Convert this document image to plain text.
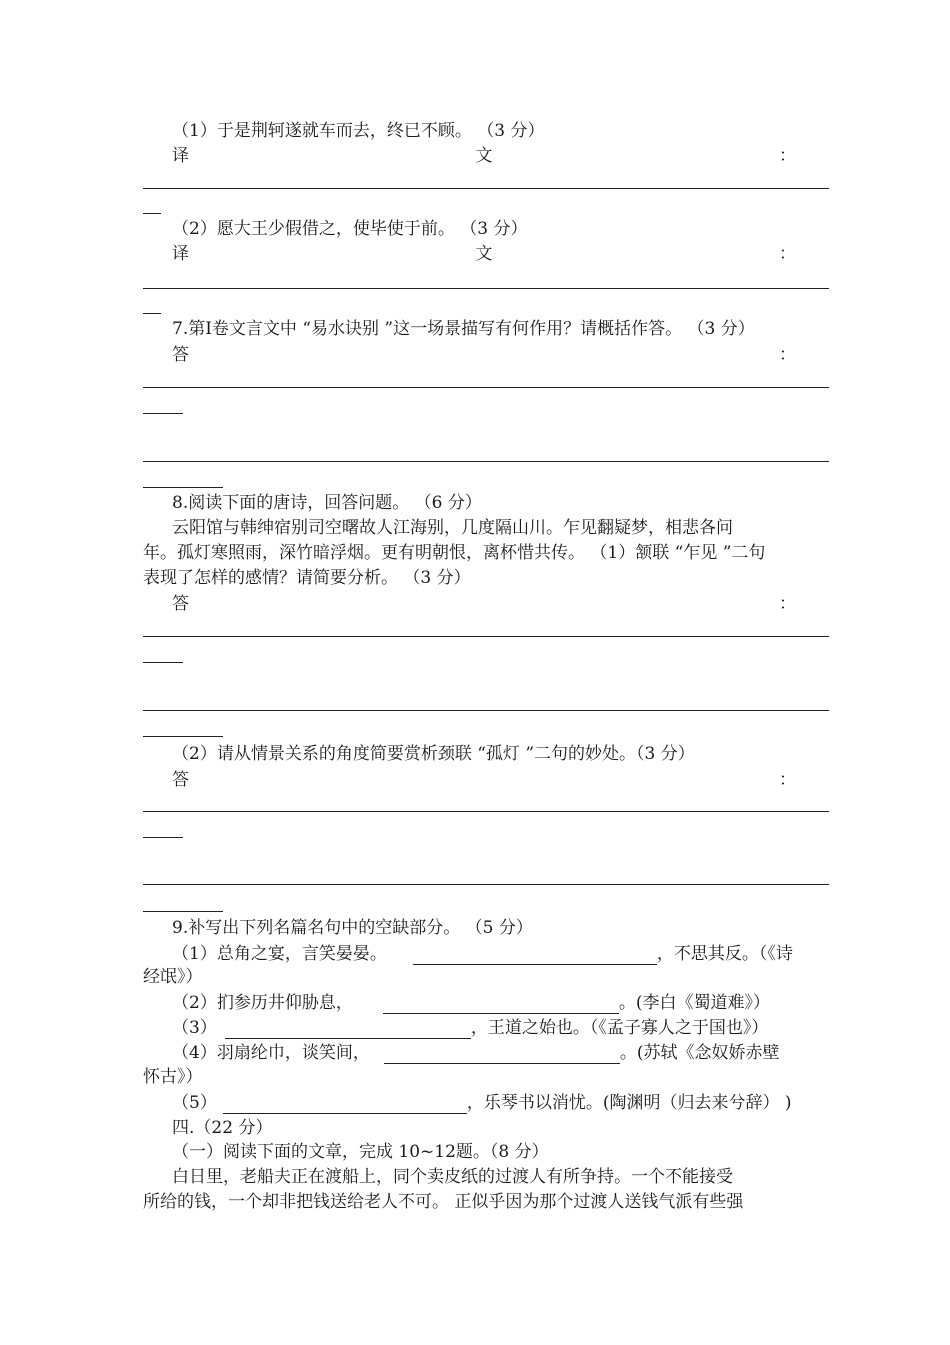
（1）于是荆轲遂就车而去，终已不顾。 （3 分）
译	文	：
（2）愿大王少假借之，使毕使于前。 （3 分）
译	文	：
7.第Ⅰ卷文言文中 “易水诀别 ”这一场景描写有何作用？请概括作答。 （3 分）
答	：
8.阅读下面的唐诗，回答问题。 （6 分）
云阳馆与韩绅宿别司空曙故人江海别，几度隔山川。乍见翻疑梦，相悲各问
年。孤灯寒照雨，深竹暗浮烟。更有明朝恨，离杯惜共传。 （1）颔联 “乍见 ”二句
表现了怎样的感情？请简要分析。 （3 分）
答	：
（2）请从情景关系的角度简要赏析颈联 “孤灯 ”二句的妙处。（3 分）
答	：
9.补写出下列名篇名句中的空缺部分。 （5 分）
（1）总角之宴，言笑晏晏。	，不思其反。（《诗
经氓》）
（2）扪参历井仰胁息，	。(李白《蜀道难》）
（3）	，王道之始也。（《孟子寡人之于国也》）
（4）羽扇纶巾，谈笑间，	。(苏轼《念奴娇赤壁
怀古》）
（5）	，乐琴书以消忧。(陶渊明（归去来兮辞） )
四.（22 分）
（一）阅读下面的文章，完成 10~12题。（8 分）
白日里，老船夫正在渡船上，同个卖皮纸的过渡人有所争持。一个不能接受
所给的钱，一个却非把钱送给老人不可。 正似乎因为那个过渡人送钱气派有些强
